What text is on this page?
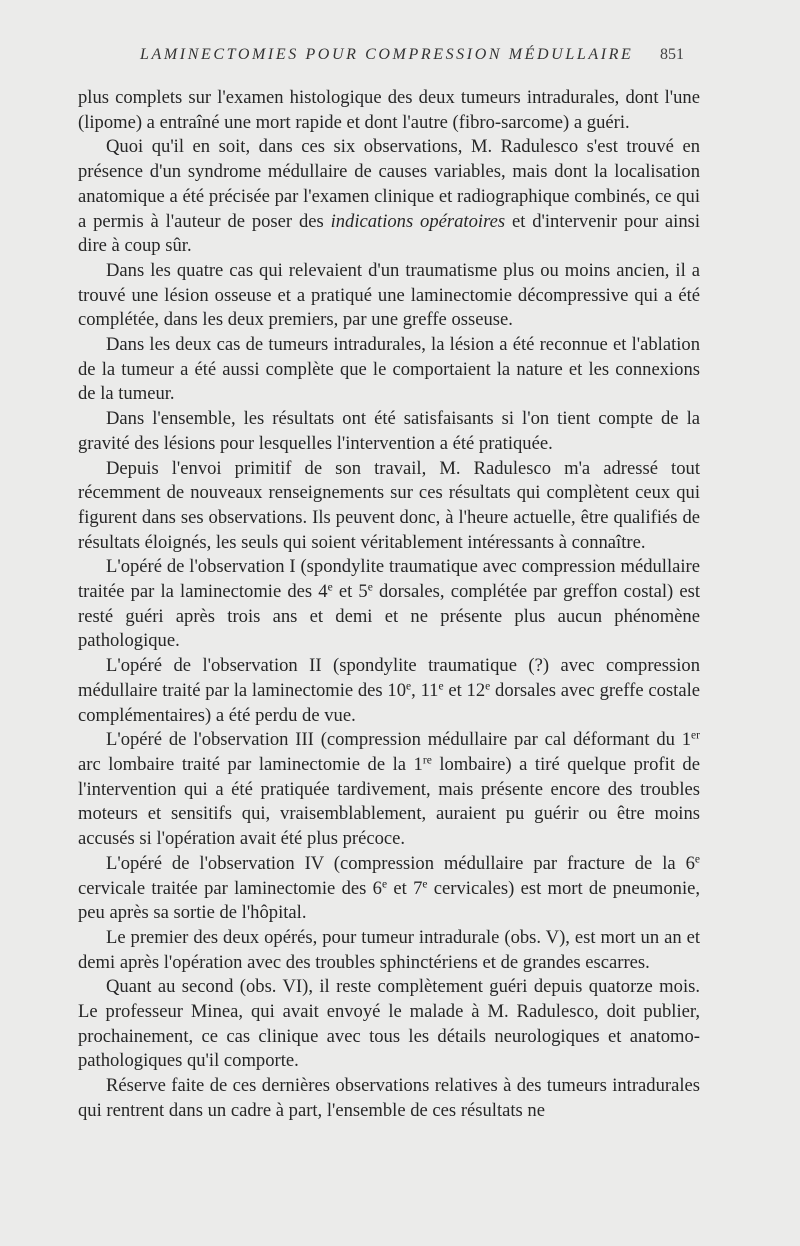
LAMINECTOMIES POUR COMPRESSION MÉDULLAIRE 851

plus complets sur l'examen histologique des deux tumeurs intradurales, dont l'une (lipome) a entraîné une mort rapide et dont l'autre (fibro-sarcome) a guéri.

Quoi qu'il en soit, dans ces six observations, M. Radulesco s'est trouvé en présence d'un syndrome médullaire de causes variables, mais dont la localisation anatomique a été précisée par l'examen clinique et radiographique combinés, ce qui a permis à l'auteur de poser des indications opératoires et d'intervenir pour ainsi dire à coup sûr.

Dans les quatre cas qui relevaient d'un traumatisme plus ou moins ancien, il a trouvé une lésion osseuse et a pratiqué une laminectomie décompressive qui a été complétée, dans les deux premiers, par une greffe osseuse.

Dans les deux cas de tumeurs intradurales, la lésion a été reconnue et l'ablation de la tumeur a été aussi complète que le comportaient la nature et les connexions de la tumeur.

Dans l'ensemble, les résultats ont été satisfaisants si l'on tient compte de la gravité des lésions pour lesquelles l'intervention a été pratiquée.

Depuis l'envoi primitif de son travail, M. Radulesco m'a adressé tout récemment de nouveaux renseignements sur ces résultats qui complètent ceux qui figurent dans ses observations. Ils peuvent donc, à l'heure actuelle, être qualifiés de résultats éloignés, les seuls qui soient véritablement intéressants à connaître.

L'opéré de l'observation I (spondylite traumatique avec compression médullaire traitée par la laminectomie des 4e et 5e dorsales, complétée par greffon costal) est resté guéri après trois ans et demi et ne présente plus aucun phénomène pathologique.

L'opéré de l'observation II (spondylite traumatique (?) avec compression médullaire traité par la laminectomie des 10e, 11e et 12e dorsales avec greffe costale complémentaires) a été perdu de vue.

L'opéré de l'observation III (compression médullaire par cal déformant du 1er arc lombaire traité par laminectomie de la 1re lombaire) a tiré quelque profit de l'intervention qui a été pratiquée tardivement, mais présente encore des troubles moteurs et sensitifs qui, vraisemblablement, auraient pu guérir ou être moins accusés si l'opération avait été plus précoce.

L'opéré de l'observation IV (compression médullaire par fracture de la 6e cervicale traitée par laminectomie des 6e et 7e cervicales) est mort de pneumonie, peu après sa sortie de l'hôpital.

Le premier des deux opérés, pour tumeur intradurale (obs. V), est mort un an et demi après l'opération avec des troubles sphinctériens et de grandes escarres.

Quant au second (obs. VI), il reste complètement guéri depuis quatorze mois. Le professeur Minea, qui avait envoyé le malade à M. Radulesco, doit publier, prochainement, ce cas clinique avec tous les détails neurologiques et anatomo-pathologiques qu'il comporte.

Réserve faite de ces dernières observations relatives à des tumeurs intradurales qui rentrent dans un cadre à part, l'ensemble de ces résultats ne
